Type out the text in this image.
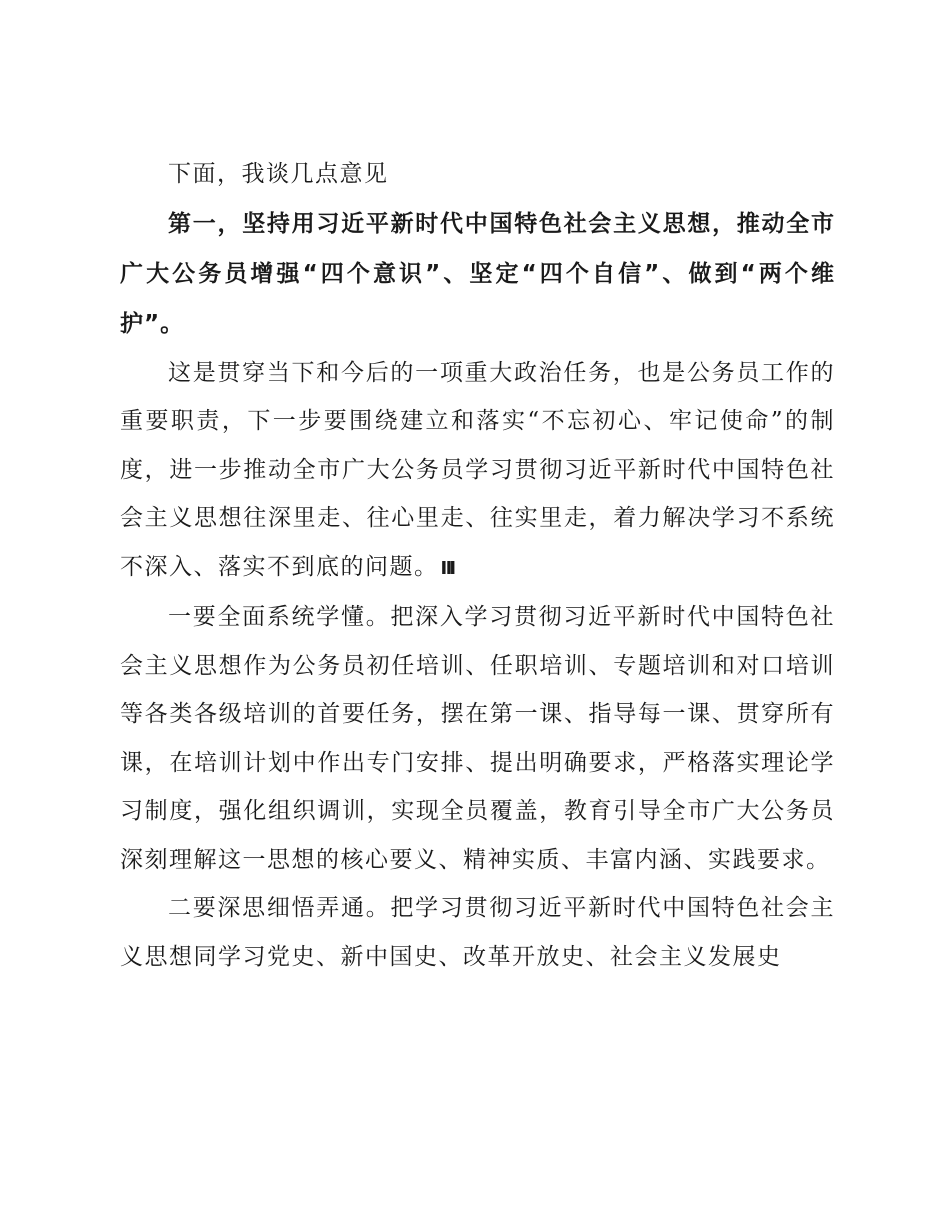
下面，我谈几点意见

第一，坚持用习近平新时代中国特色社会主义思想，推动全市广大公务员增强“四个意识”、坚定“四个自信”、做到“两个维护”。

这是贯穿当下和今后的一项重大政治任务，也是公务员工作的重要职责，下一步要围绕建立和落实“不忘初心、牢记使命”的制度，进一步推动全市广大公务员学习贯彻习近平新时代中国特色社会主义思想往深里走、往心里走、往实里走，着力解决学习不系统不深入、落实不到底的问题。 ⅡI

一要全面系统学懂。把深入学习贯彻习近平新时代中国特色社会主义思想作为公务员初任培训、任职培训、专题培训和对口培训等各类各级培训的首要任务，摆在第一课、指导每一课、贯穿所有课，在培训计划中作出专门安排、提出明确要求，严格落实理论学习制度，强化组织调训，实现全员覆盖，教育引导全市广大公务员深刻理解这一思想的核心要义、精神实质、丰富内涵、实践要求。

二要深思细悟弄通。把学习贯彻习近平新时代中国特色社会主义思想同学习党史、新中国史、改革开放史、社会主义发展史
